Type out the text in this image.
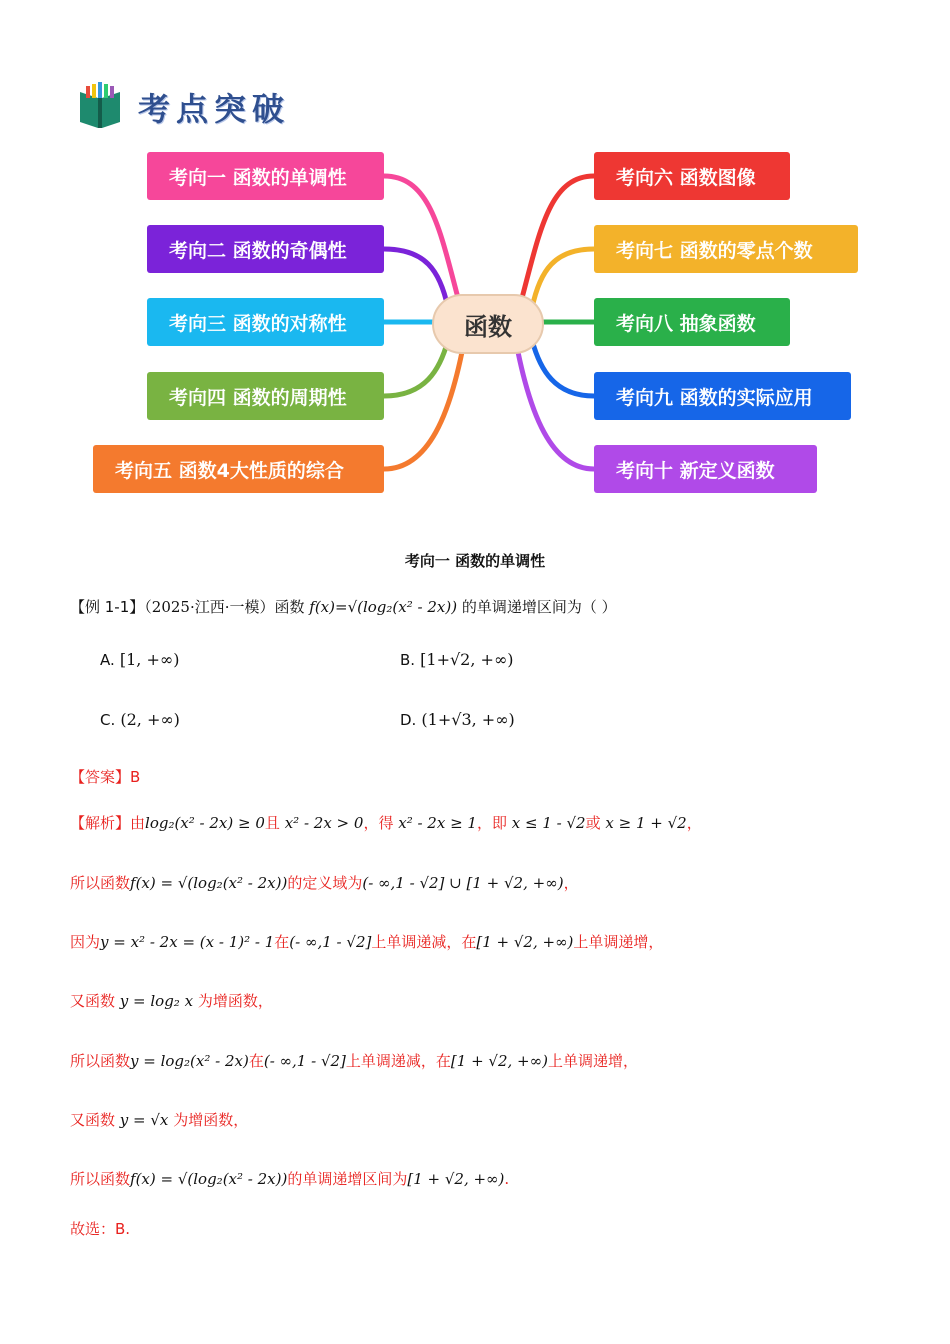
考点突破
考向一 函数的单调性
考向二 函数的奇偶性
考向三 函数的对称性
考向四 函数的周期性
考向五 函数4大性质的综合
函数
考向六 函数图像
考向七 函数的零点个数
考向八 抽象函数
考向九 函数的实际应用
考向十 新定义函数
考向一 函数的单调性
【例 1-1】（2025·江西·一模）函数 f(x)=√(log₂(x² - 2x)) 的单调递增区间为（ ）
A. [1, +∞)	B. [1+√2, +∞)
C. (2, +∞)	D. (1+√3, +∞)
【答案】B
【解析】由log₂(x² - 2x) ≥ 0且 x² - 2x > 0，得 x² - 2x ≥ 1，即 x ≤ 1 - √2或 x ≥ 1 + √2，
所以函数f(x) = √(log₂(x² - 2x))的定义域为(- ∞,1 - √2] ∪ [1 + √2, +∞)，
因为y = x² - 2x = (x - 1)² - 1在(- ∞,1 - √2]上单调递减，在[1 + √2, +∞)上单调递增，
又函数 y = log₂ x 为增函数，
所以函数y = log₂(x² - 2x)在(- ∞,1 - √2]上单调递减，在[1 + √2, +∞)上单调递增，
又函数 y = √x 为增函数，
所以函数f(x) = √(log₂(x² - 2x))的单调递增区间为[1 + √2, +∞).
故选：B.
